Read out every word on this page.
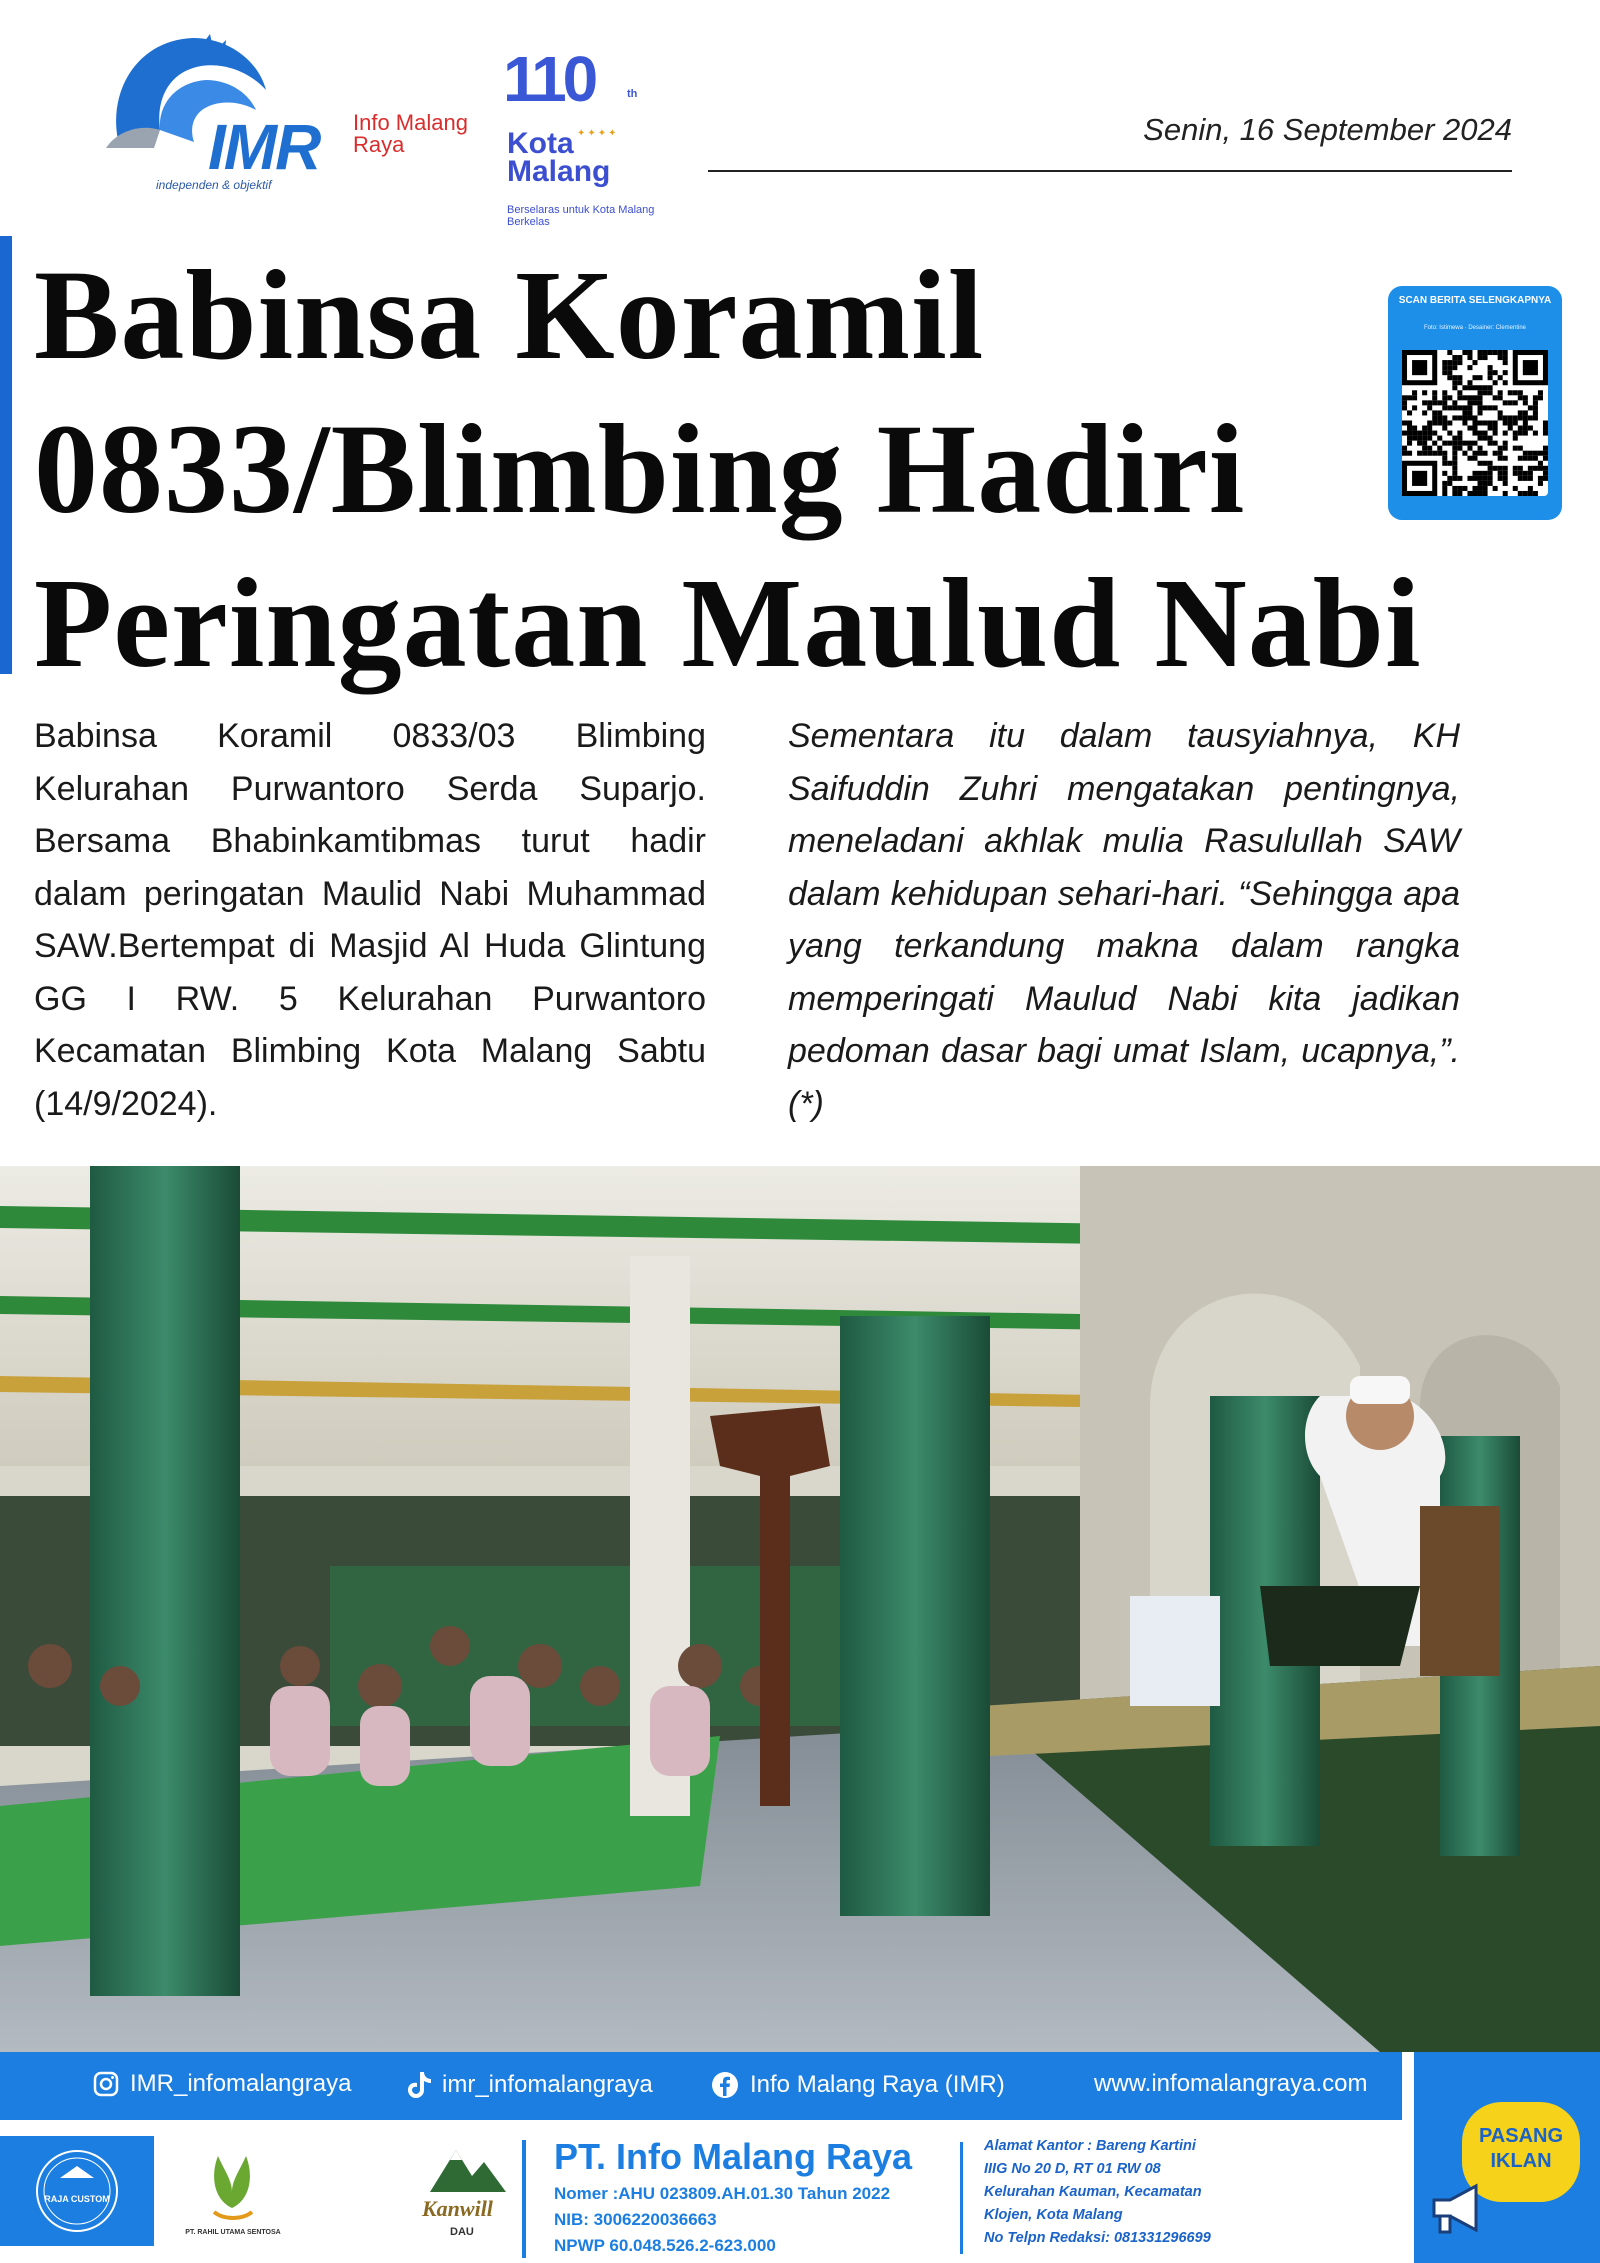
IMR Info Malang Raya
independen & objektif
110	th
Kota Malang
✦✦✦✦
Berselaras untuk Kota Malang Berkelas
Senin, 16 September 2024
Babinsa Koramil 0833/Blimbing Hadiri Peringatan Maulud Nabi
SCAN BERITA SELENGKAPNYA
Foto: Istimewa · Desainer: Clementine

Babinsa Koramil 0833/03 Blimbing Kelurahan Purwantoro Serda Suparjo. Bersama Bhabinkamtibmas turut hadir dalam peringatan Maulid Nabi Muhammad SAW.Bertempat di Masjid Al Huda Glintung GG I RW. 5 Kelurahan Purwantoro Kecamatan Blimbing Kota Malang Sabtu (14/9/2024).

Sementara itu dalam tausyiahnya, KH Saifuddin Zuhri mengatakan pentingnya, meneladani akhlak mulia Rasulullah SAW dalam kehidupan sehari-hari. “Sehingga apa yang terkandung makna dalam rangka memperingati Maulud Nabi kita jadikan pedoman dasar bagi umat Islam, ucapnya,”.(*)

IMR_infomalangraya	imr_infomalangraya	Info Malang Raya (IMR)	www.infomalangraya.com
PASANG IKLAN
RAJA CUSTOM
PT. RAHIL UTAMA SENTOSA
Kanwill
DAU
PT. Info Malang Raya
Nomer :AHU 023809.AH.01.30 Tahun 2022
NIB: 3006220036663
NPWP 60.048.526.2-623.000
Alamat Kantor : Bareng Kartini
IIIG No 20 D, RT 01 RW 08
Kelurahan Kauman, Kecamatan
Klojen, Kota Malang
No Telpn Redaksi: 081331296699
